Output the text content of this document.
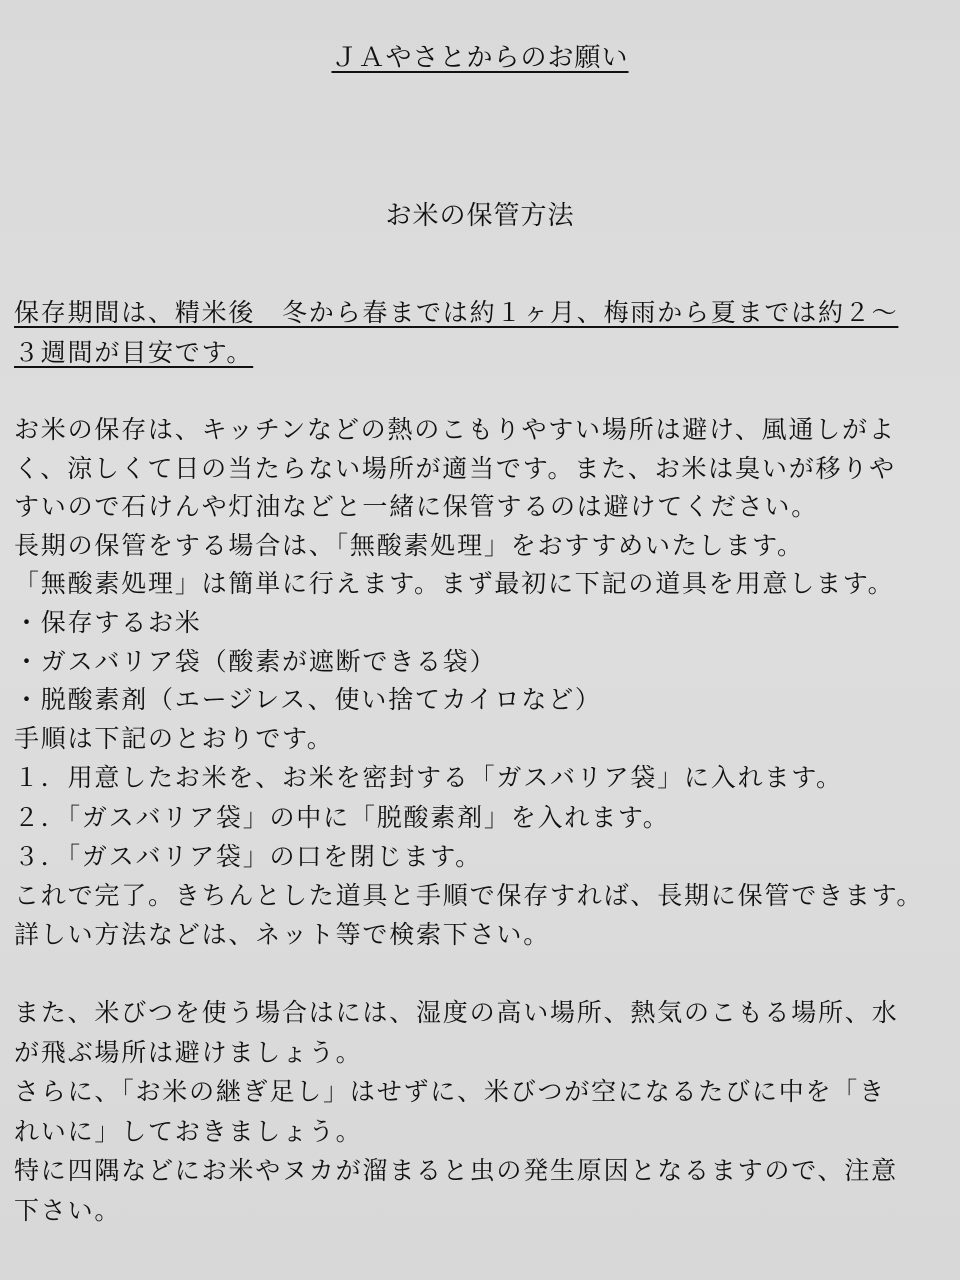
ＪＡやさとからのお願い
お米の保管方法
保存期間は、精米後　冬から春までは約１ヶ月、梅雨から夏までは約２～
３週間が目安です。
お米の保存は、キッチンなどの熱のこもりやすい場所は避け、風通しがよ
く、涼しくて日の当たらない場所が適当です。また、お米は臭いが移りや
すいので石けんや灯油などと一緒に保管するのは避けてください。
長期の保管をする場合は、「無酸素処理」をおすすめいたします。
「無酸素処理」は簡単に行えます。まず最初に下記の道具を用意します。
・保存するお米
・ガスバリア袋（酸素が遮断できる袋）
・脱酸素剤（エージレス、使い捨てカイロなど）
手順は下記のとおりです。
１．用意したお米を、お米を密封する「ガスバリア袋」に入れます。
２．「ガスバリア袋」の中に「脱酸素剤」を入れます。
３．「ガスバリア袋」の口を閉じます。
これで完了。きちんとした道具と手順で保存すれば、長期に保管できます。
詳しい方法などは、ネット等で検索下さい。
また、米びつを使う場合はには、湿度の高い場所、熱気のこもる場所、水
が飛ぶ場所は避けましょう。
さらに、「お米の継ぎ足し」はせずに、米びつが空になるたびに中を「き
れいに」しておきましょう。
特に四隅などにお米やヌカが溜まると虫の発生原因となるますので、注意
下さい。
